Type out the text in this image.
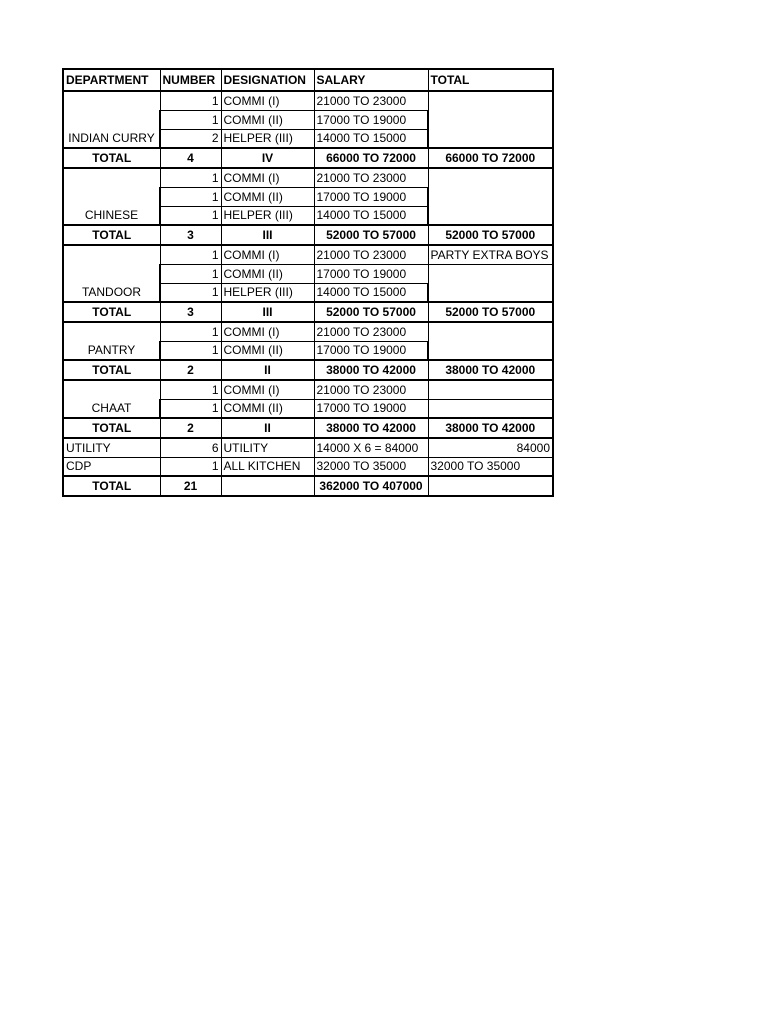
DEPARTMENT	NUMBER	DESIGNATION	SALARY	TOTAL
INDIAN CURRY	1	COMMI (I)	21000 TO 23000	
	1	COMMI (II)	17000 TO 19000	
	2	HELPER (III)	14000 TO 15000	
TOTAL	4	IV	66000 TO 72000	66000 TO 72000
CHINESE	1	COMMI (I)	21000 TO 23000	
	1	COMMI (II)	17000 TO 19000	
	1	HELPER (III)	14000 TO 15000	
TOTAL	3	III	52000 TO 57000	52000 TO 57000
TANDOOR	1	COMMI (I)	21000 TO 23000	PARTY EXTRA BOYS
	1	COMMI (II)	17000 TO 19000	
	1	HELPER (III)	14000 TO 15000	
TOTAL	3	III	52000 TO 57000	52000 TO 57000
PANTRY	1	COMMI (I)	21000 TO 23000	
	1	COMMI (II)	17000 TO 19000	
TOTAL	2	II	38000 TO 42000	38000 TO 42000
CHAAT	1	COMMI (I)	21000 TO 23000	
	1	COMMI (II)	17000 TO 19000	
TOTAL	2	II	38000 TO 42000	38000 TO 42000
UTILITY	6	UTILITY	14000 X 6 = 84000	84000
CDP	1	ALL KITCHEN	32000 TO 35000	32000 TO 35000
TOTAL	21		362000 TO 407000	
